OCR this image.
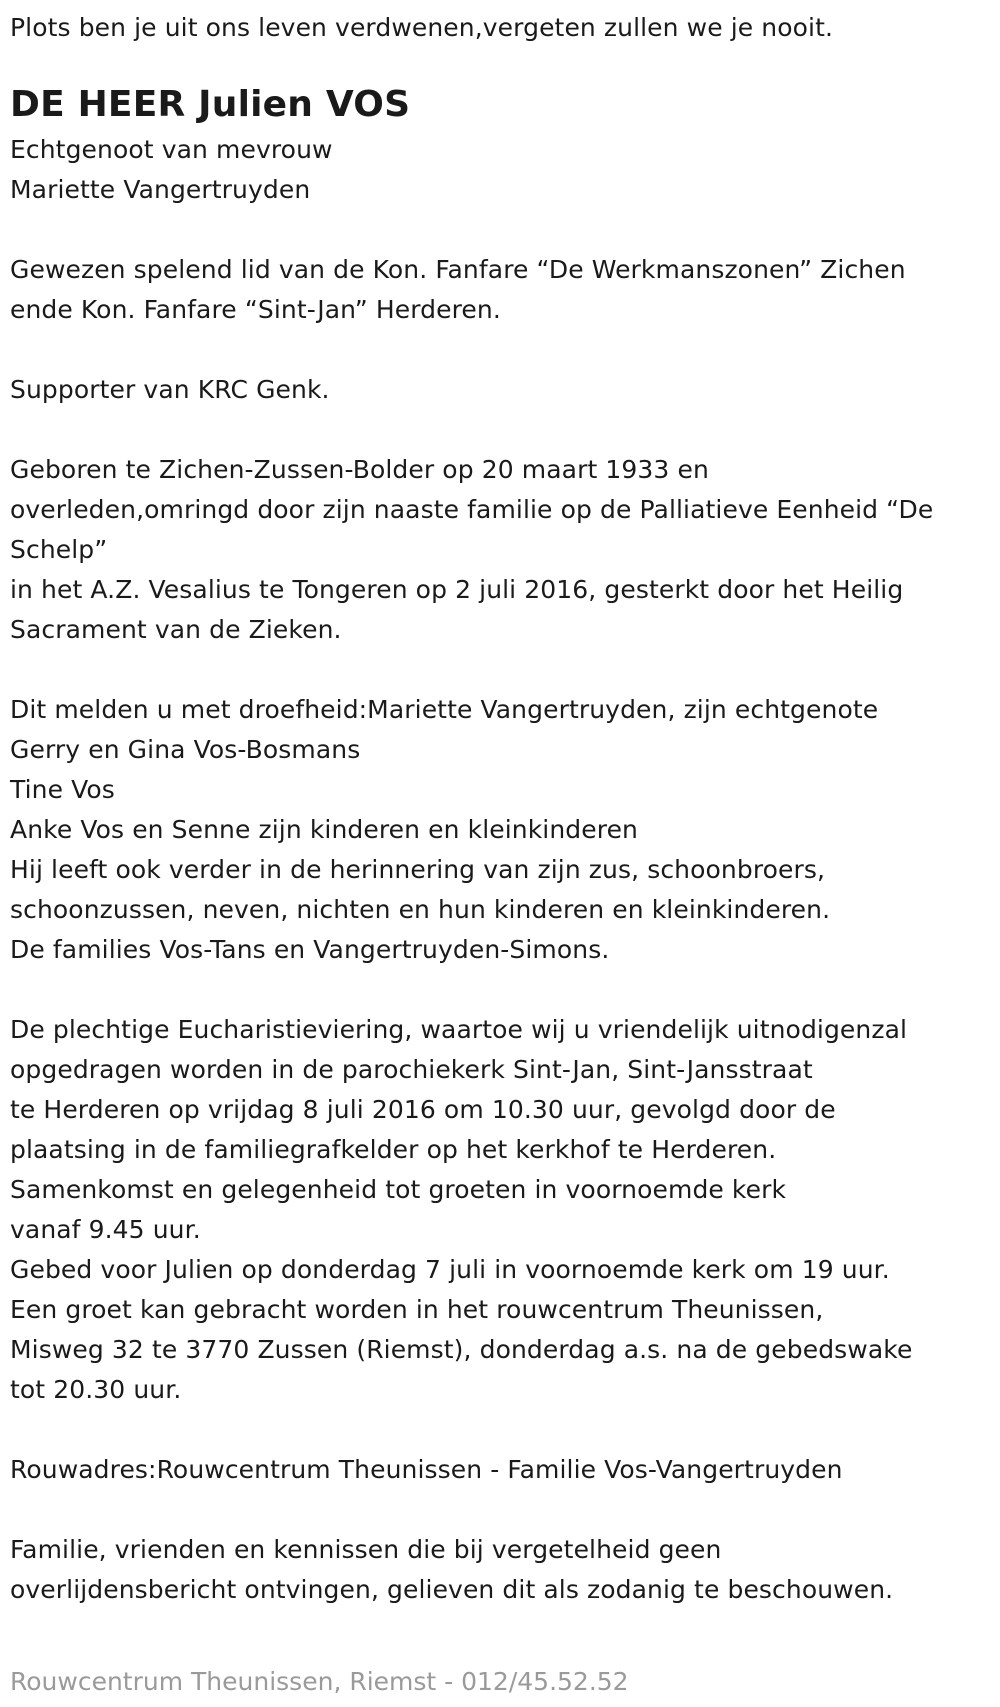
Plots ben je uit ons leven verdwenen,vergeten zullen we je nooit.
DE HEER Julien VOS
Echtgenoot van mevrouw
Mariette Vangertruyden
Gewezen spelend lid van de Kon. Fanfare “De Werkmanszonen” Zichen
ende Kon. Fanfare “Sint-Jan” Herderen.
Supporter van KRC Genk.
Geboren te Zichen-Zussen-Bolder op 20 maart 1933 en
overleden,omringd door zijn naaste familie op de Palliatieve Eenheid “De
Schelp”
in het A.Z. Vesalius te Tongeren op 2 juli 2016, gesterkt door het Heilig
Sacrament van de Zieken.
Dit melden u met droefheid:Mariette Vangertruyden, zijn echtgenote
Gerry en Gina Vos-Bosmans
Tine Vos
Anke Vos en Senne zijn kinderen en kleinkinderen
Hij leeft ook verder in de herinnering van zijn zus, schoonbroers,
schoonzussen, neven, nichten en hun kinderen en kleinkinderen.
De families Vos-Tans en Vangertruyden-Simons.
De plechtige Eucharistieviering, waartoe wij u vriendelijk uitnodigenzal
opgedragen worden in de parochiekerk Sint-Jan, Sint-Jansstraat
te Herderen op vrijdag 8 juli 2016 om 10.30 uur, gevolgd door de
plaatsing in de familiegrafkelder op het kerkhof te Herderen.
Samenkomst en gelegenheid tot groeten in voornoemde kerk
vanaf 9.45 uur.
Gebed voor Julien op donderdag 7 juli in voornoemde kerk om 19 uur.
Een groet kan gebracht worden in het rouwcentrum Theunissen,
Misweg 32 te 3770 Zussen (Riemst), donderdag a.s. na de gebedswake
tot 20.30 uur.
Rouwadres:Rouwcentrum Theunissen - Familie Vos-Vangertruyden
Familie, vrienden en kennissen die bij vergetelheid geen
overlijdensbericht ontvingen, gelieven dit als zodanig te beschouwen.
Rouwcentrum Theunissen, Riemst - 012/45.52.52
